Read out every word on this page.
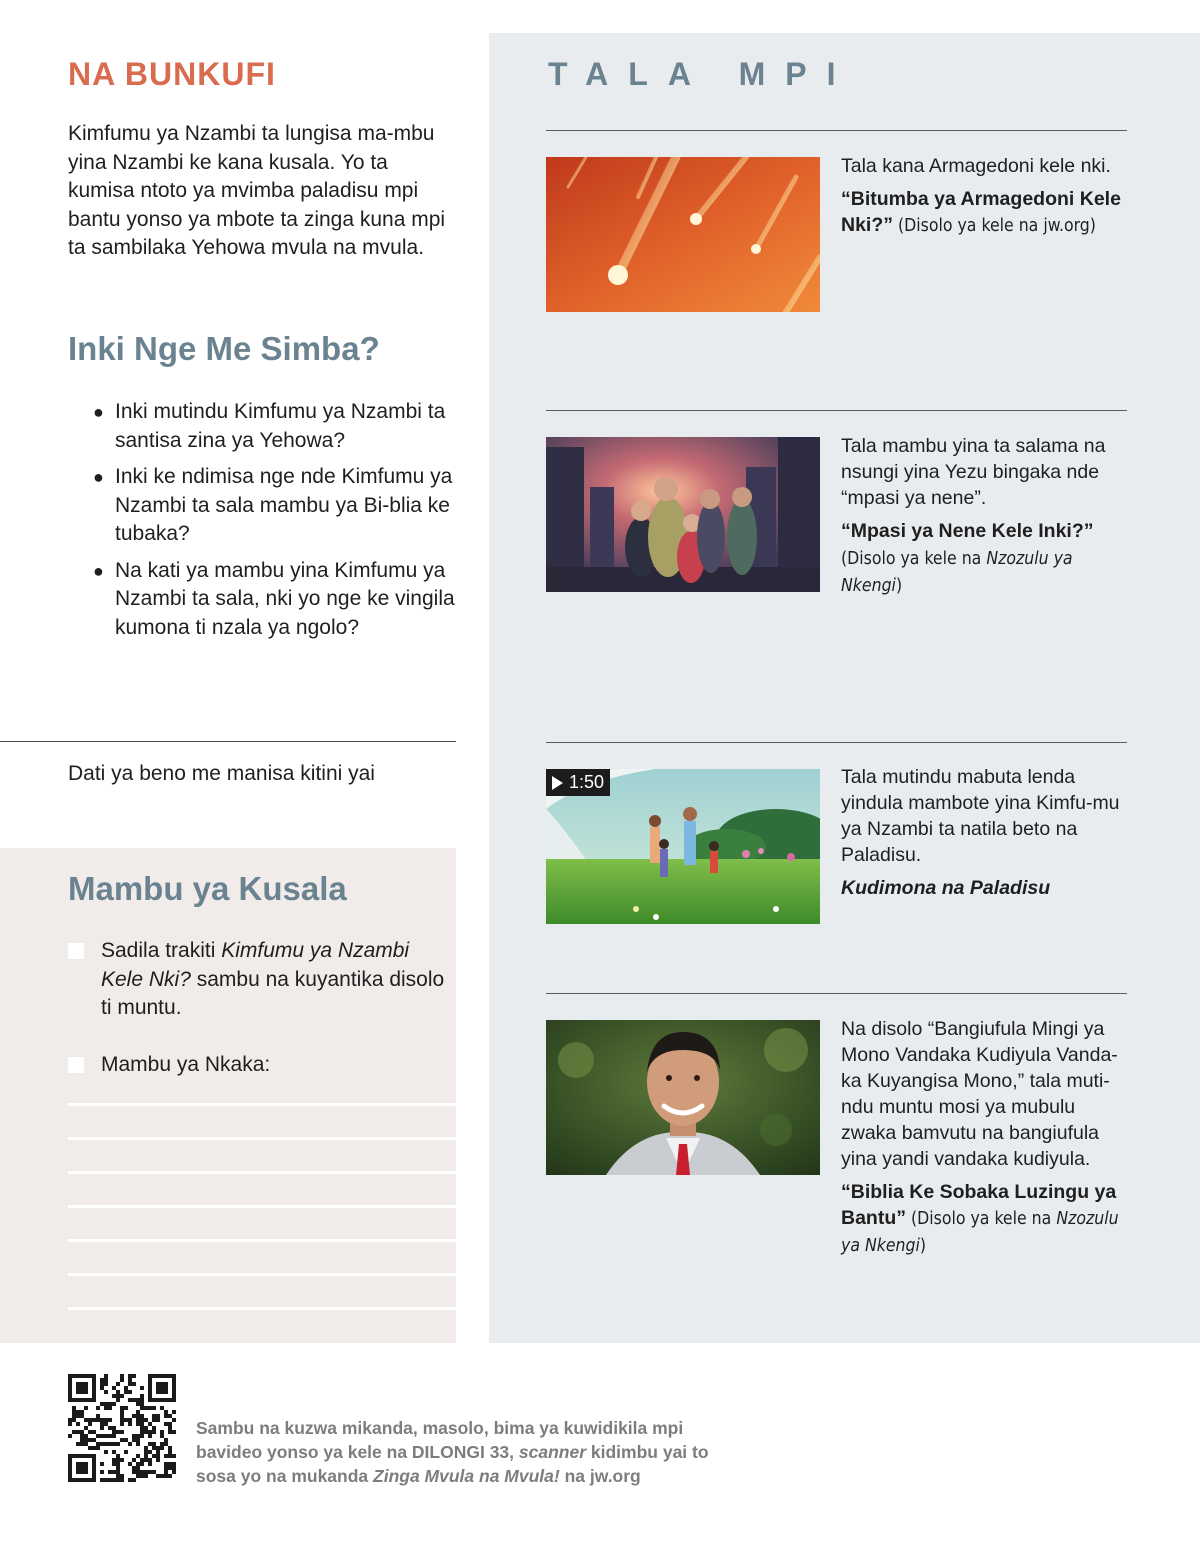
NA BUNKUFI

Kimfumu ya Nzambi ta lungisa ma-mbu yina Nzambi ke kana kusala. Yo ta kumisa ntoto ya mvimba paladisu mpi bantu yonso ya mbote ta zinga kuna mpi ta sambilaka Yehowa mvula na mvula.

Inki Nge Me Simba?
● Inki mutindu Kimfumu ya Nzambi ta santisa zina ya Yehowa?
● Inki ke ndimisa nge nde Kimfumu ya Nzambi ta sala mambu ya Bi-blia ke tubaka?
● Na kati ya mambu yina Kimfumu ya Nzambi ta sala, nki yo nge ke vingila kumona ti nzala ya ngolo?
Dati ya beno me manisa kitini yai
Mambu ya Kusala
Sadila trakiti Kimfumu ya Nzambi Kele Nki? sambu na kuyantika disolo ti muntu.
Mambu ya Nkaka:
TALA MPI
Tala kana Armagedoni kele nki.
“Bitumba ya Armagedoni Kele Nki?” (Disolo ya kele na jw.org)
Tala mambu yina ta salama na nsungi yina Yezu bingaka nde “mpasi ya nene”.
“Mpasi ya Nene Kele Inki?” (Disolo ya kele na Nzozulu ya Nkengi)
1:50	Tala mutindu mabuta lenda yindula mambote yina Kimfu-mu ya Nzambi ta natila beto na Paladisu.
Kudimona na Paladisu
Na disolo “Bangiufula Mingi ya Mono Vandaka Kudiyula Vanda-ka Kuyangisa Mono,” tala muti-ndu muntu mosi ya mubulu zwaka bamvutu na bangiufula yina yandi vandaka kudiyula.
“Biblia Ke Sobaka Luzingu ya Bantu” (Disolo ya kele na Nzozulu ya Nkengi)

Sambu na kuzwa mikanda, masolo, bima ya kuwidikila mpi bavideo yonso ya kele na DILONGI 33, scanner kidimbu yai to sosa yo na mukanda Zinga Mvula na Mvula! na jw.org
